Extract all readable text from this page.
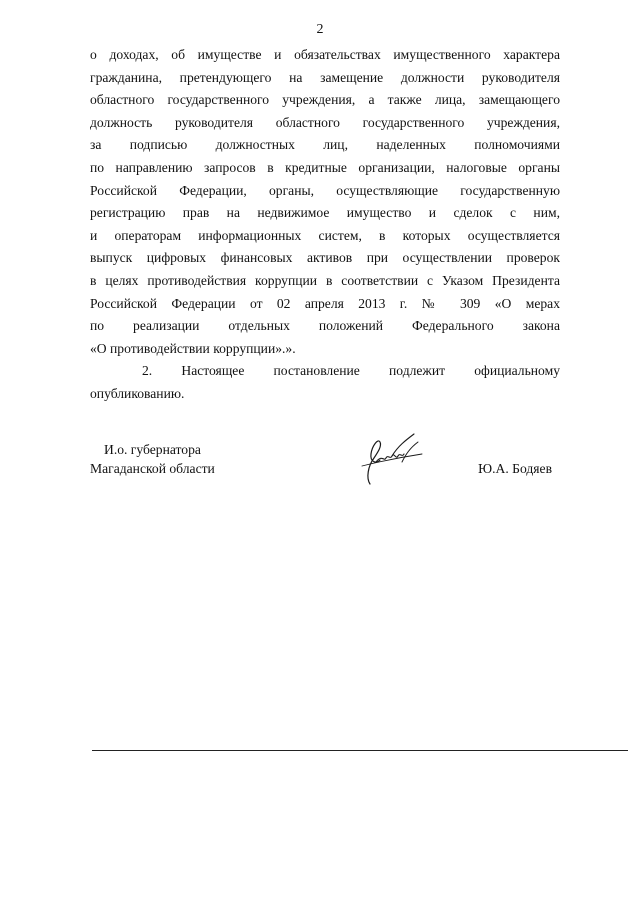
2
о доходах, об имуществе и обязательствах имущественного характера
гражданина, претендующего на замещение должности руководителя
областного государственного учреждения, а также лица, замещающего
должность руководителя областного государственного учреждения,
за подписью должностных лиц, наделенных полномочиями
по направлению запросов в кредитные организации, налоговые органы
Российской Федерации, органы, осуществляющие государственную
регистрацию прав на недвижимое имущество и сделок с ним,
и операторам информационных систем, в которых осуществляется
выпуск цифровых финансовых активов при осуществлении проверок
в целях противодействия коррупции в соответствии с Указом Президента
Российской Федерации от 02 апреля 2013 г. № 309 «О мерах
по реализации отдельных положений Федерального закона
«О противодействии коррупции».».
2. Настоящее постановление подлежит официальному
опубликованию.
И.о. губернатора
Магаданской области	Ю.А. Бодяев
